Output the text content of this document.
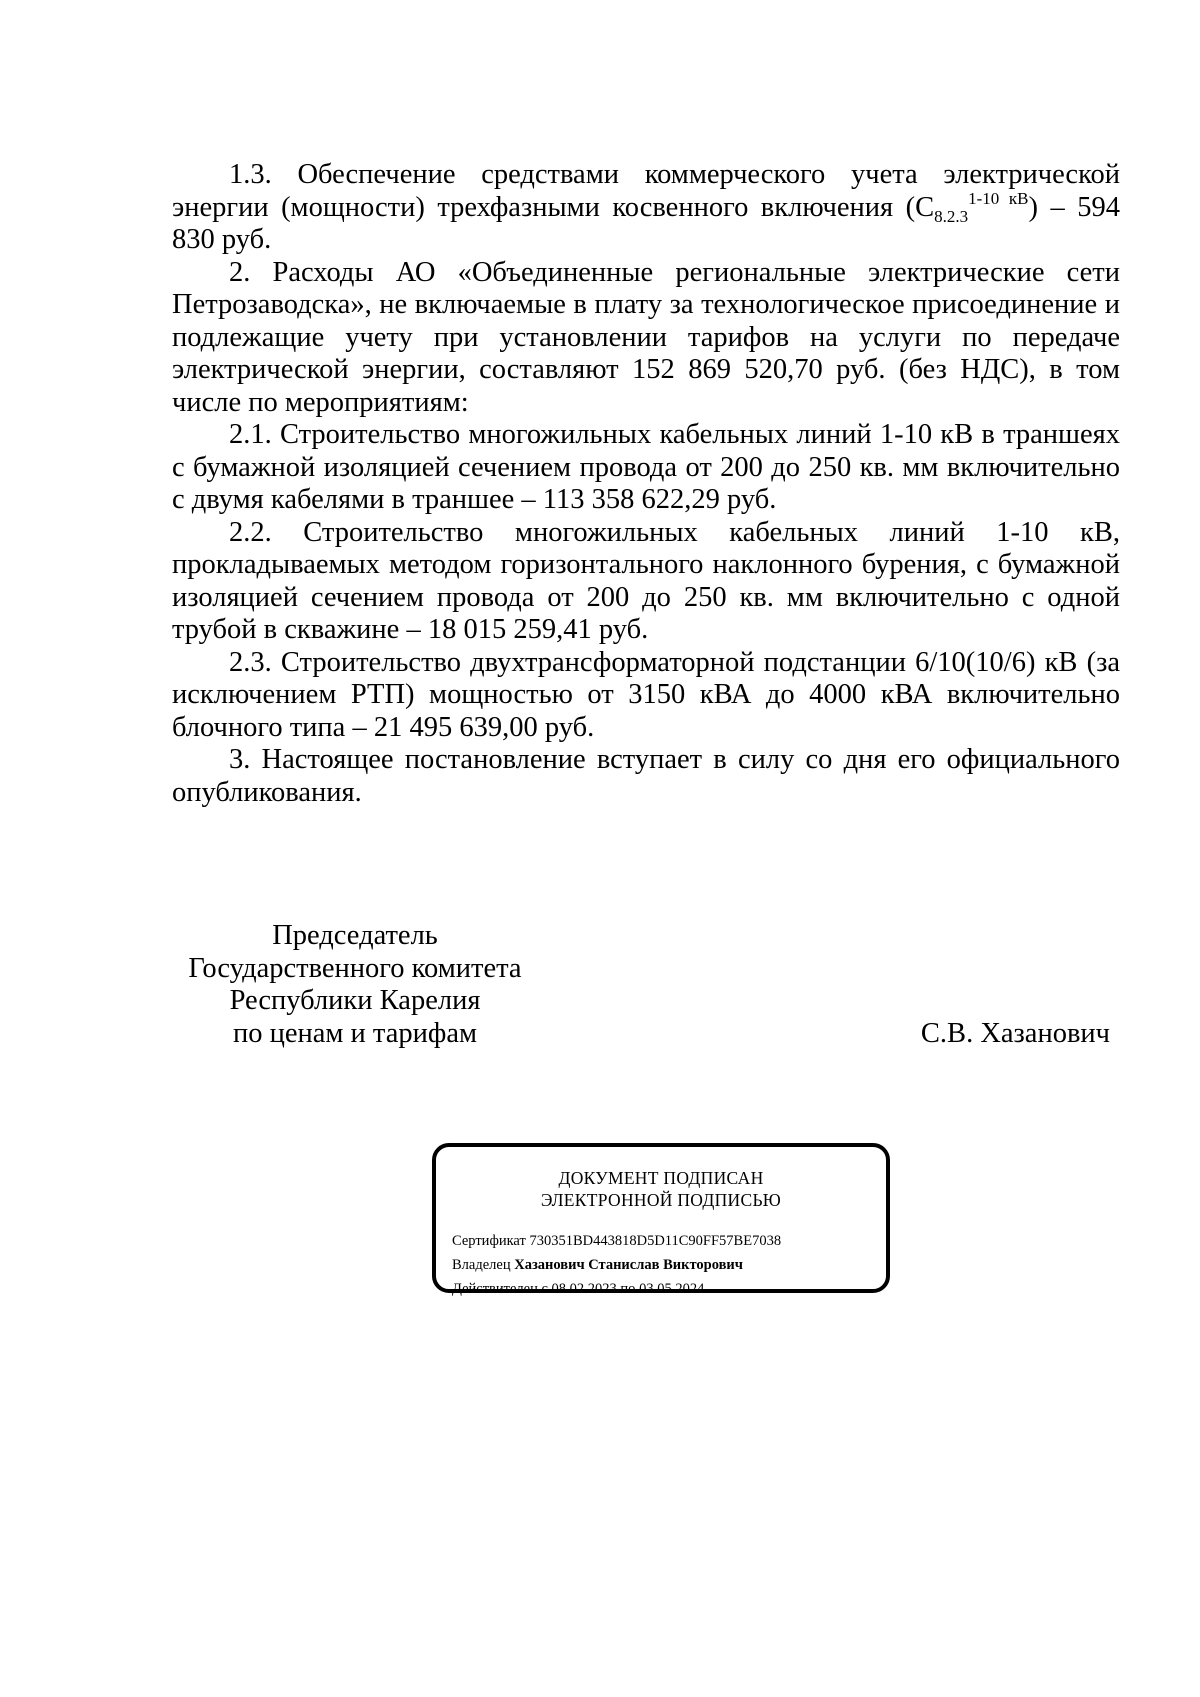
1.3. Обеспечение средствами коммерческого учета электрической энергии (мощности) трехфазными косвенного включения $(С_{8.2.3}^{1-10 кВ}) - 594$ 830 руб.

2. Расходы АО «Объединенные региональные электрические сети Петрозаводска», не включаемые в плату за технологическое присоединение и подлежащие учету при установлении тарифов на услуги по передаче электрической энергии, составляют 152 869 520,70 руб. (без НДС), в том числе по мероприятиям:

2.1. Строительство многожильных кабельных линий 1-10 кВ в траншеях с бумажной изоляцией сечением провода от 200 до 250 кв. мм включительно с двумя кабелями в траншее – 113 358 622,29 руб.

2.2. Строительство многожильных кабельных линий 1-10 кВ, прокладываемых методом горизонтального наклонного бурения, с бумажной изоляцией сечением провода от 200 до 250 кв. мм включительно с одной трубой в скважине – 18 015 259,41 руб.

2.3. Строительство двухтрансформаторной подстанции 6/10(10/6) кВ (за исключением РТП) мощностью от 3150 кВА до 4000 кВА включительно блочного типа – 21 495 639,00 руб.

3. Настоящее постановление вступает в силу со дня его официального опубликования.

Председатель
Государственного комитета
Республики Карелия
по ценам и тарифам	С.В. Хазанович
ДОКУМЕНТ ПОДПИСАН
ЭЛЕКТРОННОЙ ПОДПИСЬЮ
Сертификат 730351BD443818D5D11C90FF57BE7038
Владелец Хазанович Станислав Викторович
Действителен с 08.02.2023 по 03.05.2024
